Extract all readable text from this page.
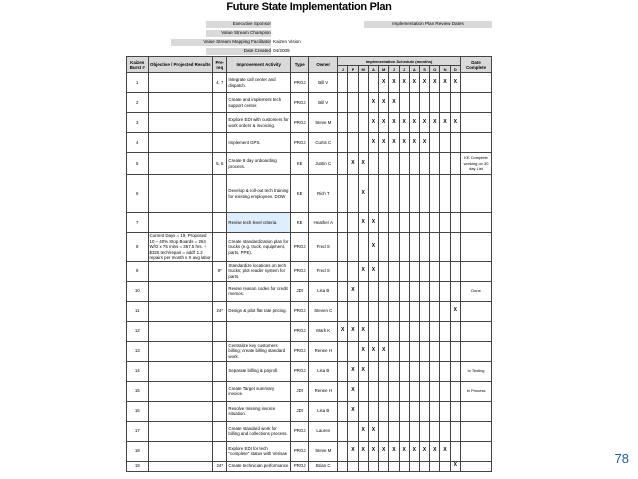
Future State Implementation Plan
Executive Sponsor	Implementation Plan Review Dates
Value Stream Champion
Value Stream Mapping Facilitator Kaizen Vision
Date Created 04/2009
Kaizen Burst #	Objective / Projected Results	Pre-req	Improvement Activity	Type	Owner	Implementation Schedule (months)												Date Complete
						J	F	M	A	M	J	J	A	S	O	N	D	
1		4, 7	Integrate call center and dispatch.	PROJ	Bill V					X	X	X	X	X	X	X	X	
2			Create and implement tech support center.	PROJ	Bill V				X	X	X							
3			Explore EDI with customers for work orders & invoicing.	PROJ	Steve M				X	X	X	X	X	X	X	X	X	
4			Implement GPS.	PROJ	Curtis C				X	X	X	X	X	X				
5		5, 6	Create 8 day onboarding process.	KE	Justin C		X	X										KE Complete working on 30 day List
6			Develop & roll-out tech training for existing employees. DOW	KE	Rich T			X										
7			Revise tech level criteria.	KE	Heather A			X	X									
8	Current Days = 19, Proposed 10 – 40% Stop Boards = 264 W/O x 75 mins = 367.5 hrs. ÷ $325 tech/repair = add'l 1.2 repairs per month x X avg labor		Create standardization plan for trucks (e.g. truck, equipment, parts, PPE).	PROJ	Fred S				X									
9		8*	Standardize locations on tech trucks; plot reader system for parts.	PROJ	Fred S			X	X									
10			Revise reason codes for credit memos.	JDI	Lisa B		X											Done
11		24*	Design & pilot flat rate pricing.	PROJ	Steven C												X	
12				PROJ	Mark K	X	X	X										
13			Centralize key customers billing; create billing standard work.	PROJ	Renee H			X	X	X								
14			Separate billing & payroll.	PROJ	Lisa B		X	X										In Testing
15			Create Target summary invoice.	JDI	Renee H		X											In Process
16			Resolve missing invoice situation.	JDI	Lisa B		X											
17			Create standard work for billing and collections process.	PROJ	Lauren			X	X									
18			Explore EDI for tech "complete" status with Verisae	PROJ	Steve M		X	X	X	X	X	X	X	X	X	X		
19		24*	Create technician performance	PROJ	Brian C												X		78
